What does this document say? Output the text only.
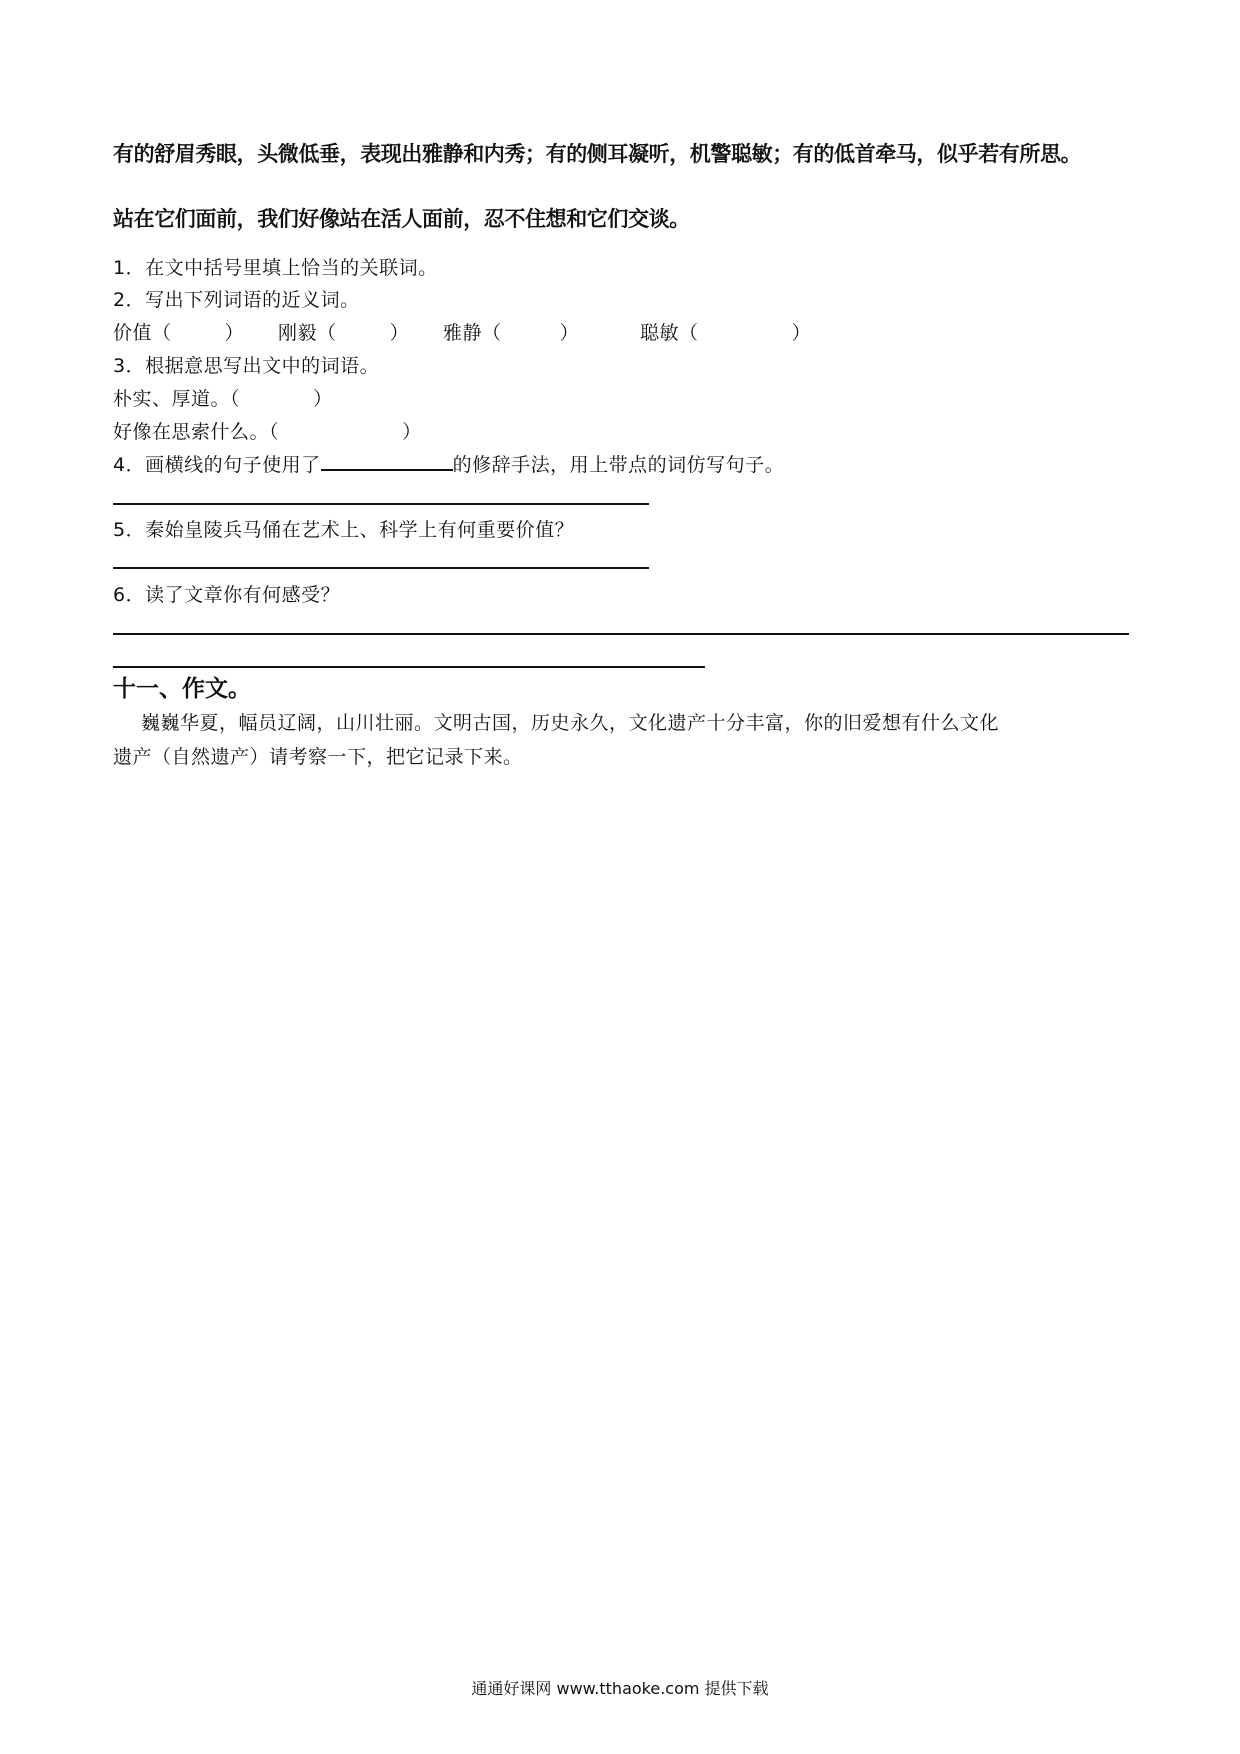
有的舒眉秀眼，头微低垂，表现出雅静和内秀；有的侧耳凝听，机警聪敏；有的低首牵马，似乎若有所思。
站在它们面前，我们好像站在活人面前，忍不住想和它们交谈。
1．在文中括号里填上恰当的关联词。
2．写出下列词语的近义词。
价值（	） 刚毅（	） 雅静（	）	聪敏（	）
3．根据意思写出文中的词语。
朴实、厚道。（	）
好像在思索什么。（	）
4．画横线的句子使用了	的修辞手法，用上带点的词仿写句子。
5．秦始皇陵兵马俑在艺术上、科学上有何重要价值？
6．读了文章你有何感受？
十一、作文。
巍巍华夏，幅员辽阔，山川壮丽。文明古国，历史永久，文化遗产十分丰富，你的旧爱想有什么文化
遗产（自然遗产）请考察一下，把它记录下来。
通通好课网 www.tthaoke.com 提供下载
